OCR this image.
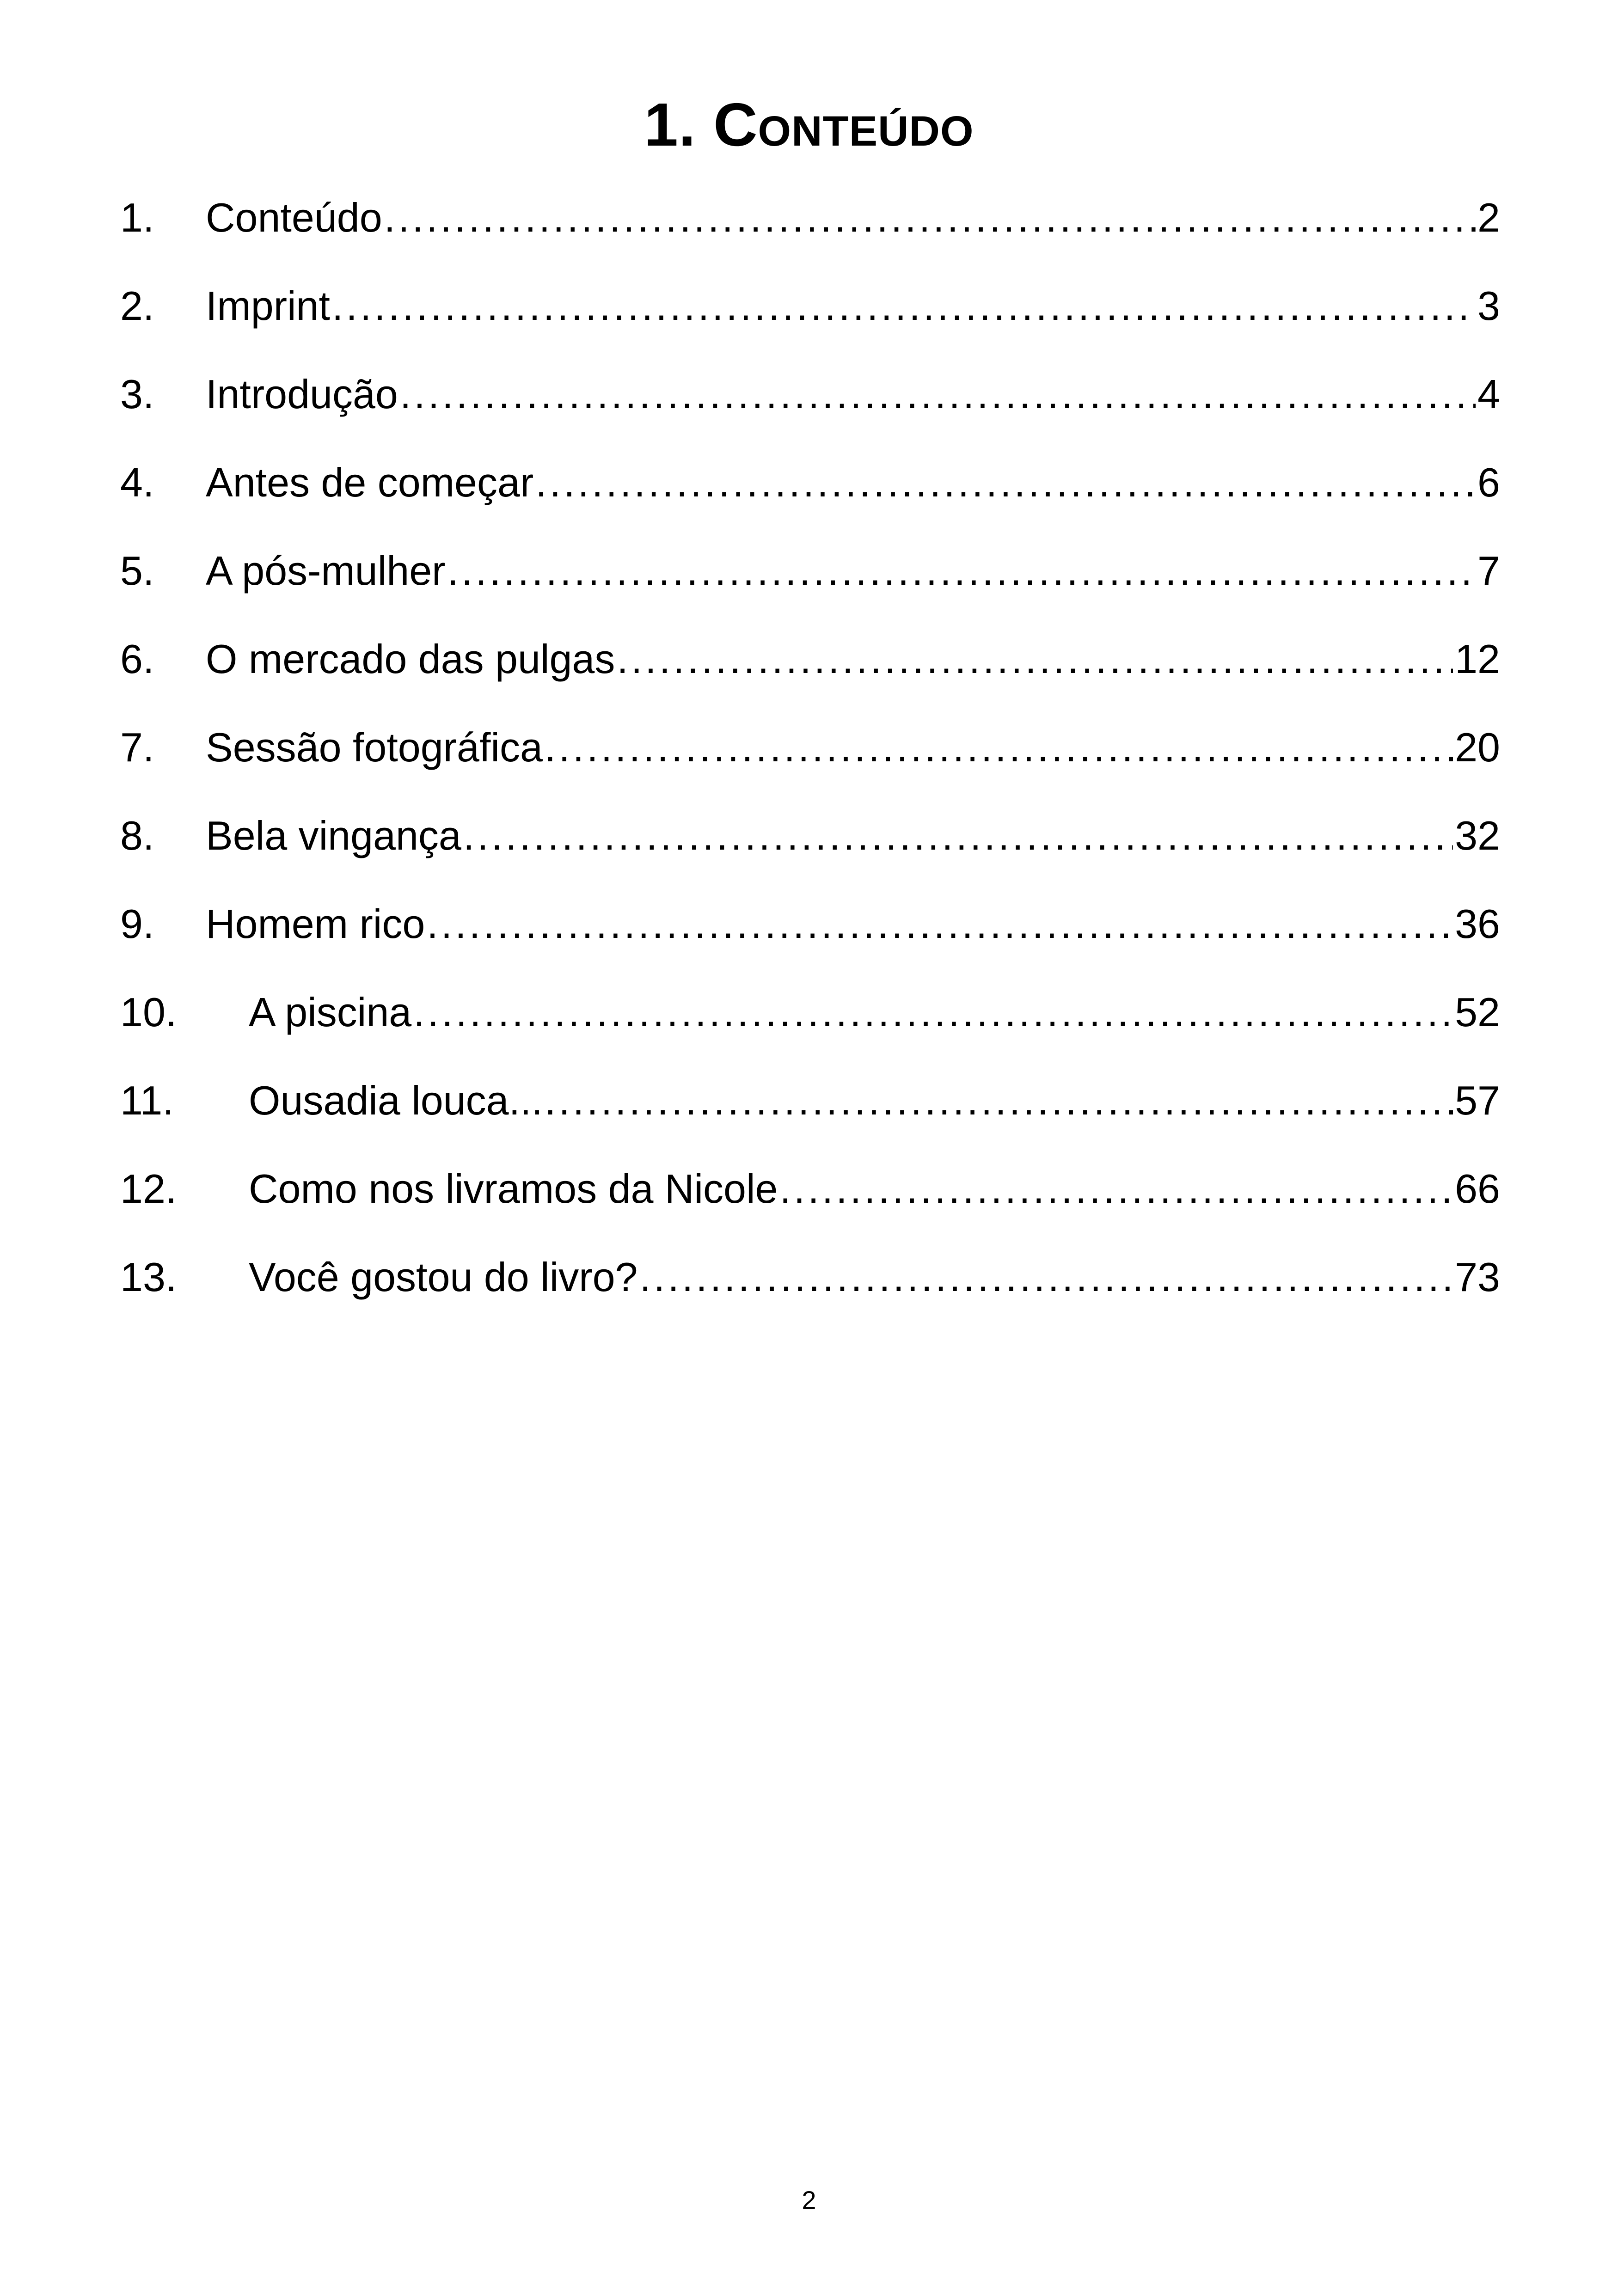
1. Conteúdo
1.	Conteúdo .....	2
2.	Imprint .....	3
3.	Introdução .....	4
4.	Antes de começar .....	6
5.	A pós-mulher .....	7
6.	O mercado das pulgas .....	12
7.	Sessão fotográfica .....	20
8.	Bela vingança .....	32
9.	Homem rico .....	36
10.	A piscina .....	52
11.	Ousadia louca... .....	57
12.	Como nos livramos da Nicole .....	66
13.	Você gostou do livro? .....	73
2
